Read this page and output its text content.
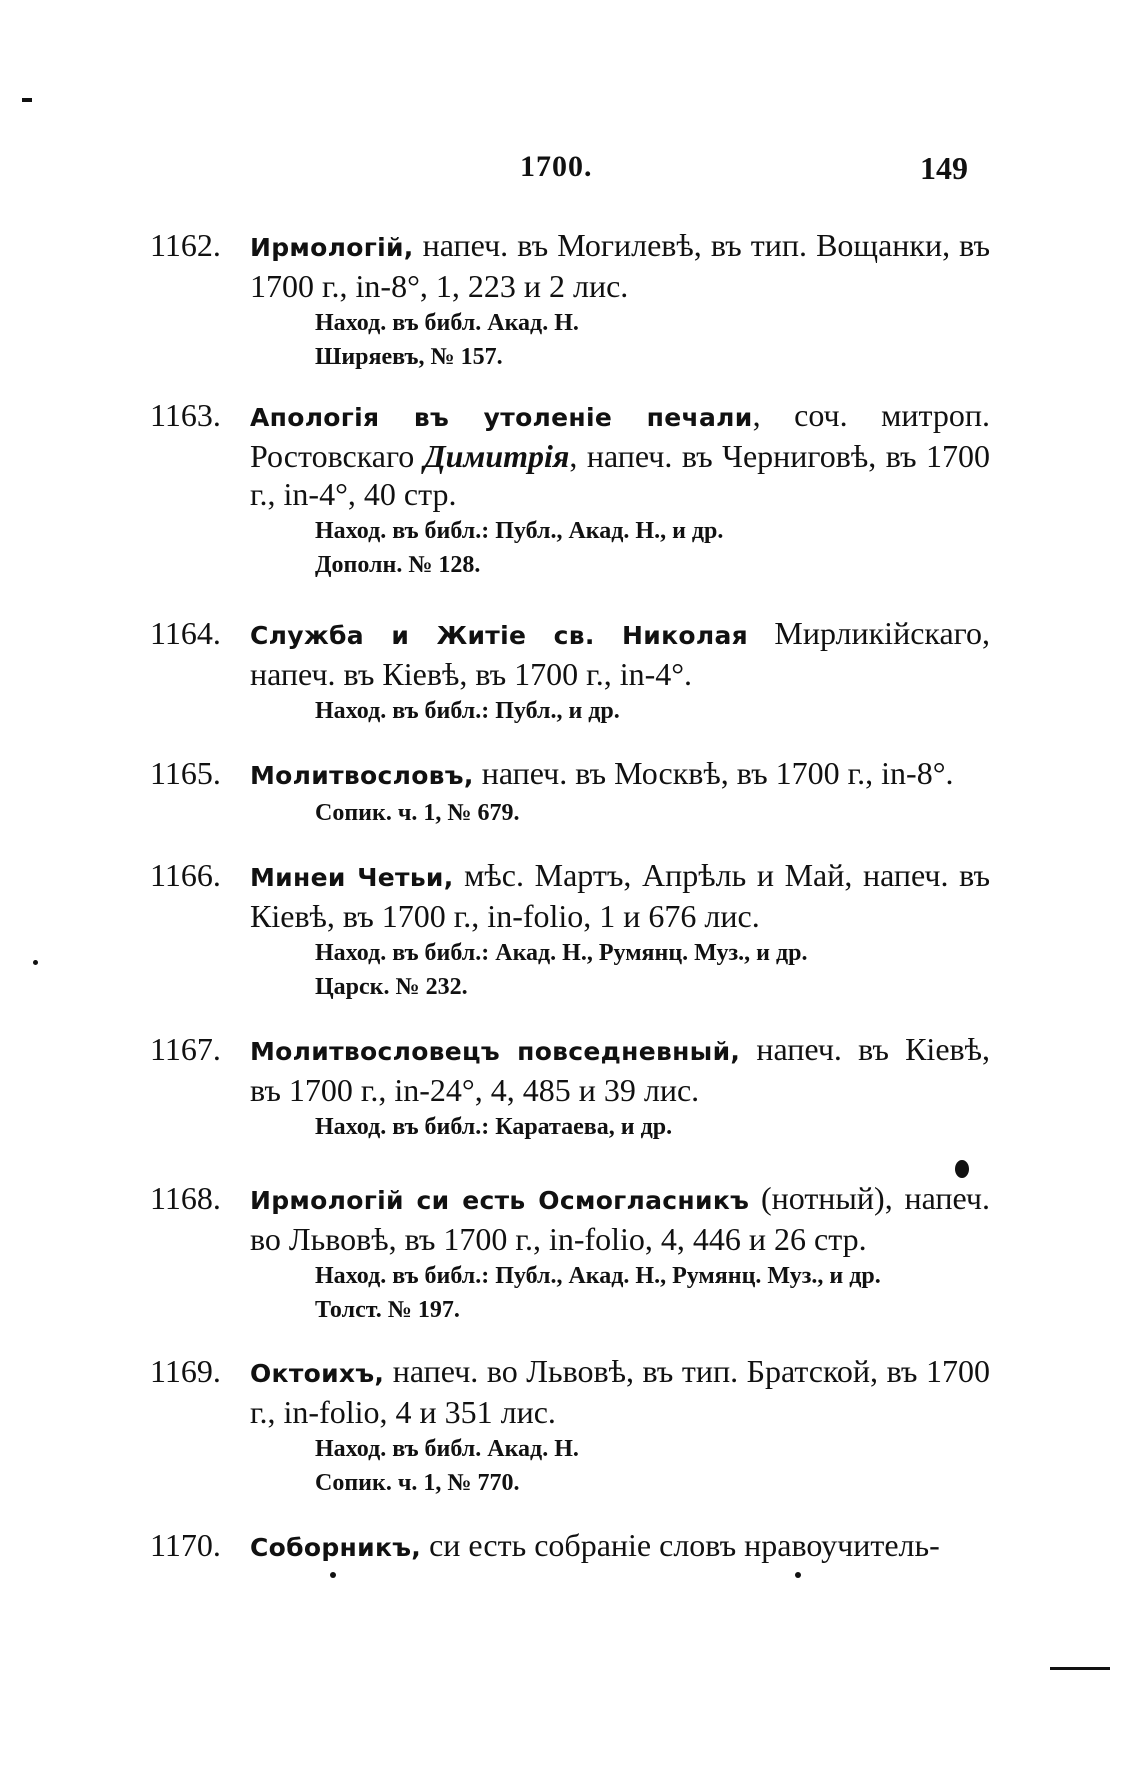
1700.	149
1162.	Ирмологiй, напеч. въ Могилевѣ, въ тип. Вощанки, въ 1700 г., in-8°, 1, 223 и 2 лис.
Наход. въ библ. Акад. Н.
Ширяевъ, № 157.
1163.	Апологiя въ утоленiе печали, соч. митроп. Ростовскаго Димитрiя, напеч. въ Черниговѣ, въ 1700 г., in-4°, 40 стр.
Наход. въ библ.: Публ., Акад. Н., и др.
Дополн. № 128.
1164.	Служба и Житiе св. Николая Мирликiйскаго, напеч. въ Кiевѣ, въ 1700 г., in-4°.
Наход. въ библ.: Публ., и др.
1165.	Молитвословъ, напеч. въ Москвѣ, въ 1700 г., in-8°.
Сопик. ч. 1, № 679.
1166.	Минеи Четьи, мѣс. Мартъ, Апрѣль и Май, напеч. въ Кiевѣ, въ 1700 г., in-folio, 1 и 676 лис.
Наход. въ библ.: Акад. Н., Румянц. Муз., и др.
Царск. № 232.
1167.	Молитвословецъ повседневный, напеч. въ Кiевѣ, въ 1700 г., in-24°, 4, 485 и 39 лис.
Наход. въ библ.: Каратаева, и др.
1168.	Ирмологiй си есть Осмогласникъ (нотный), напеч. во Львовѣ, въ 1700 г., in-folio, 4, 446 и 26 стр.
Наход. въ библ.: Публ., Акад. Н., Румянц. Муз., и др.
Толст. № 197.
1169.	Октоихъ, напеч. во Львовѣ, въ тип. Братской, въ 1700 г., in-folio, 4 и 351 лис.
Наход. въ библ. Акад. Н.
Сопик. ч. 1, № 770.
1170.	Соборникъ, си есть собранiе словъ нравоучитель-
